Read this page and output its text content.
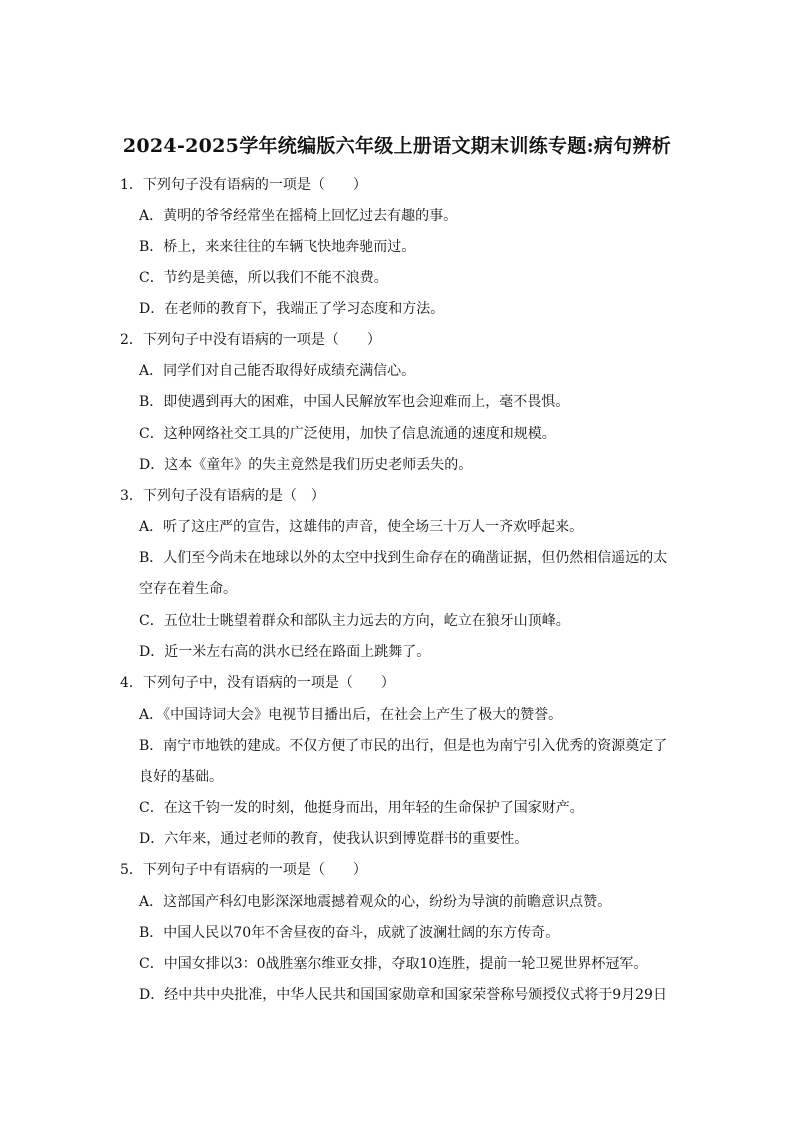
2024-2025学年统编版六年级上册语文期末训练专题:病句辨析
1．下列句子没有语病的一项是（　　）
A．黄明的爷爷经常坐在摇椅上回忆过去有趣的事。
B．桥上，来来往往的车辆飞快地奔驰而过。
C．节约是美德，所以我们不能不浪费。
D．在老师的教育下，我端正了学习态度和方法。
2．下列句子中没有语病的一项是（　　）
A．同学们对自己能否取得好成绩充满信心。
B．即使遇到再大的困难，中国人民解放军也会迎难而上，毫不畏惧。
C．这种网络社交工具的广泛使用，加快了信息流通的速度和规模。
D．这本《童年》的失主竟然是我们历史老师丢失的。
3．下列句子没有语病的是（　）
A．听了这庄严的宣告，这雄伟的声音，使全场三十万人一齐欢呼起来。
B．人们至今尚未在地球以外的太空中找到生命存在的确凿证据，但仍然相信遥远的太
空存在着生命。
C．五位壮士眺望着群众和部队主力远去的方向，屹立在狼牙山顶峰。
D．近一米左右高的洪水已经在路面上跳舞了。
4．下列句子中，没有语病的一项是（　　）
A．《中国诗词大会》电视节目播出后，在社会上产生了极大的赞誉。
B．南宁市地铁的建成。不仅方便了市民的出行，但是也为南宁引入优秀的资源奠定了
良好的基础。
C．在这千钧一发的时刻，他挺身而出，用年轻的生命保护了国家财产。
D．六年来，通过老师的教育，使我认识到博览群书的重要性。
5．下列句子中有语病的一项是（　　）
A．这部国产科幻电影深深地震撼着观众的心，纷纷为导演的前瞻意识点赞。
B．中国人民以70年不舍昼夜的奋斗，成就了波澜壮阔的东方传奇。
C．中国女排以3：0战胜塞尔维亚女排，夺取10连胜，提前一轮卫冕世界杯冠军。
D．经中共中央批准，中华人民共和国国家勋章和国家荣誉称号颁授仪式将于9月29日
